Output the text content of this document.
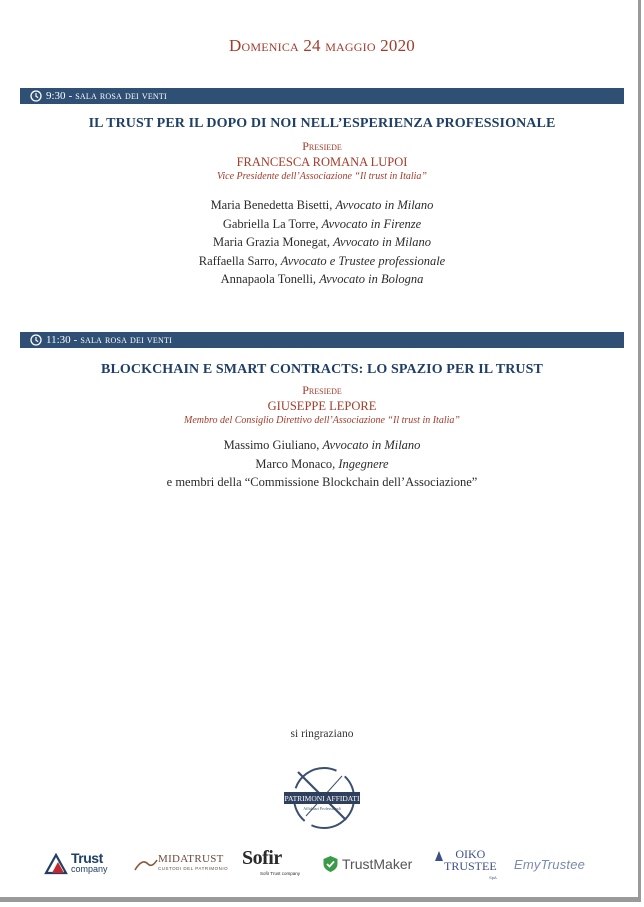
Domenica 24 maggio 2020
9:30 - sala rosa dei venti
IL TRUST PER IL DOPO DI NOI NELL’ESPERIENZA PROFESSIONALE
Presiede
FRANCESCA ROMANA LUPOI
Vice Presidente dell’Associazione “Il trust in Italia”
Maria Benedetta Bisetti, Avvocato in Milano
Gabriella La Torre, Avvocato in Firenze
Maria Grazia Monegat, Avvocato in Milano
Raffaella Sarro, Avvocato e Trustee professionale
Annapaola Tonelli, Avvocato in Bologna
11:30 - sala rosa dei venti
BLOCKCHAIN E SMART CONTRACTS: LO SPAZIO PER IL TRUST
Presiede
GIUSEPPE LEPORE
Membro del Consiglio Direttivo dell’Associazione “Il trust in Italia”
Massimo Giuliano, Avvocato in Milano
Marco Monaco, Ingegnere
e membri della “Commissione Blockchain dell’Associazione”
si ringraziano
PATRIMONI AFFIDATI
Affidatari Professionali
Trust
company
MIDATRUST
CUSTODI DEL PATRIMONIO Sofir
Sofir Trust company
TrustMaker
OIKO
TRUSTEE
SpA
EmyTrustee
